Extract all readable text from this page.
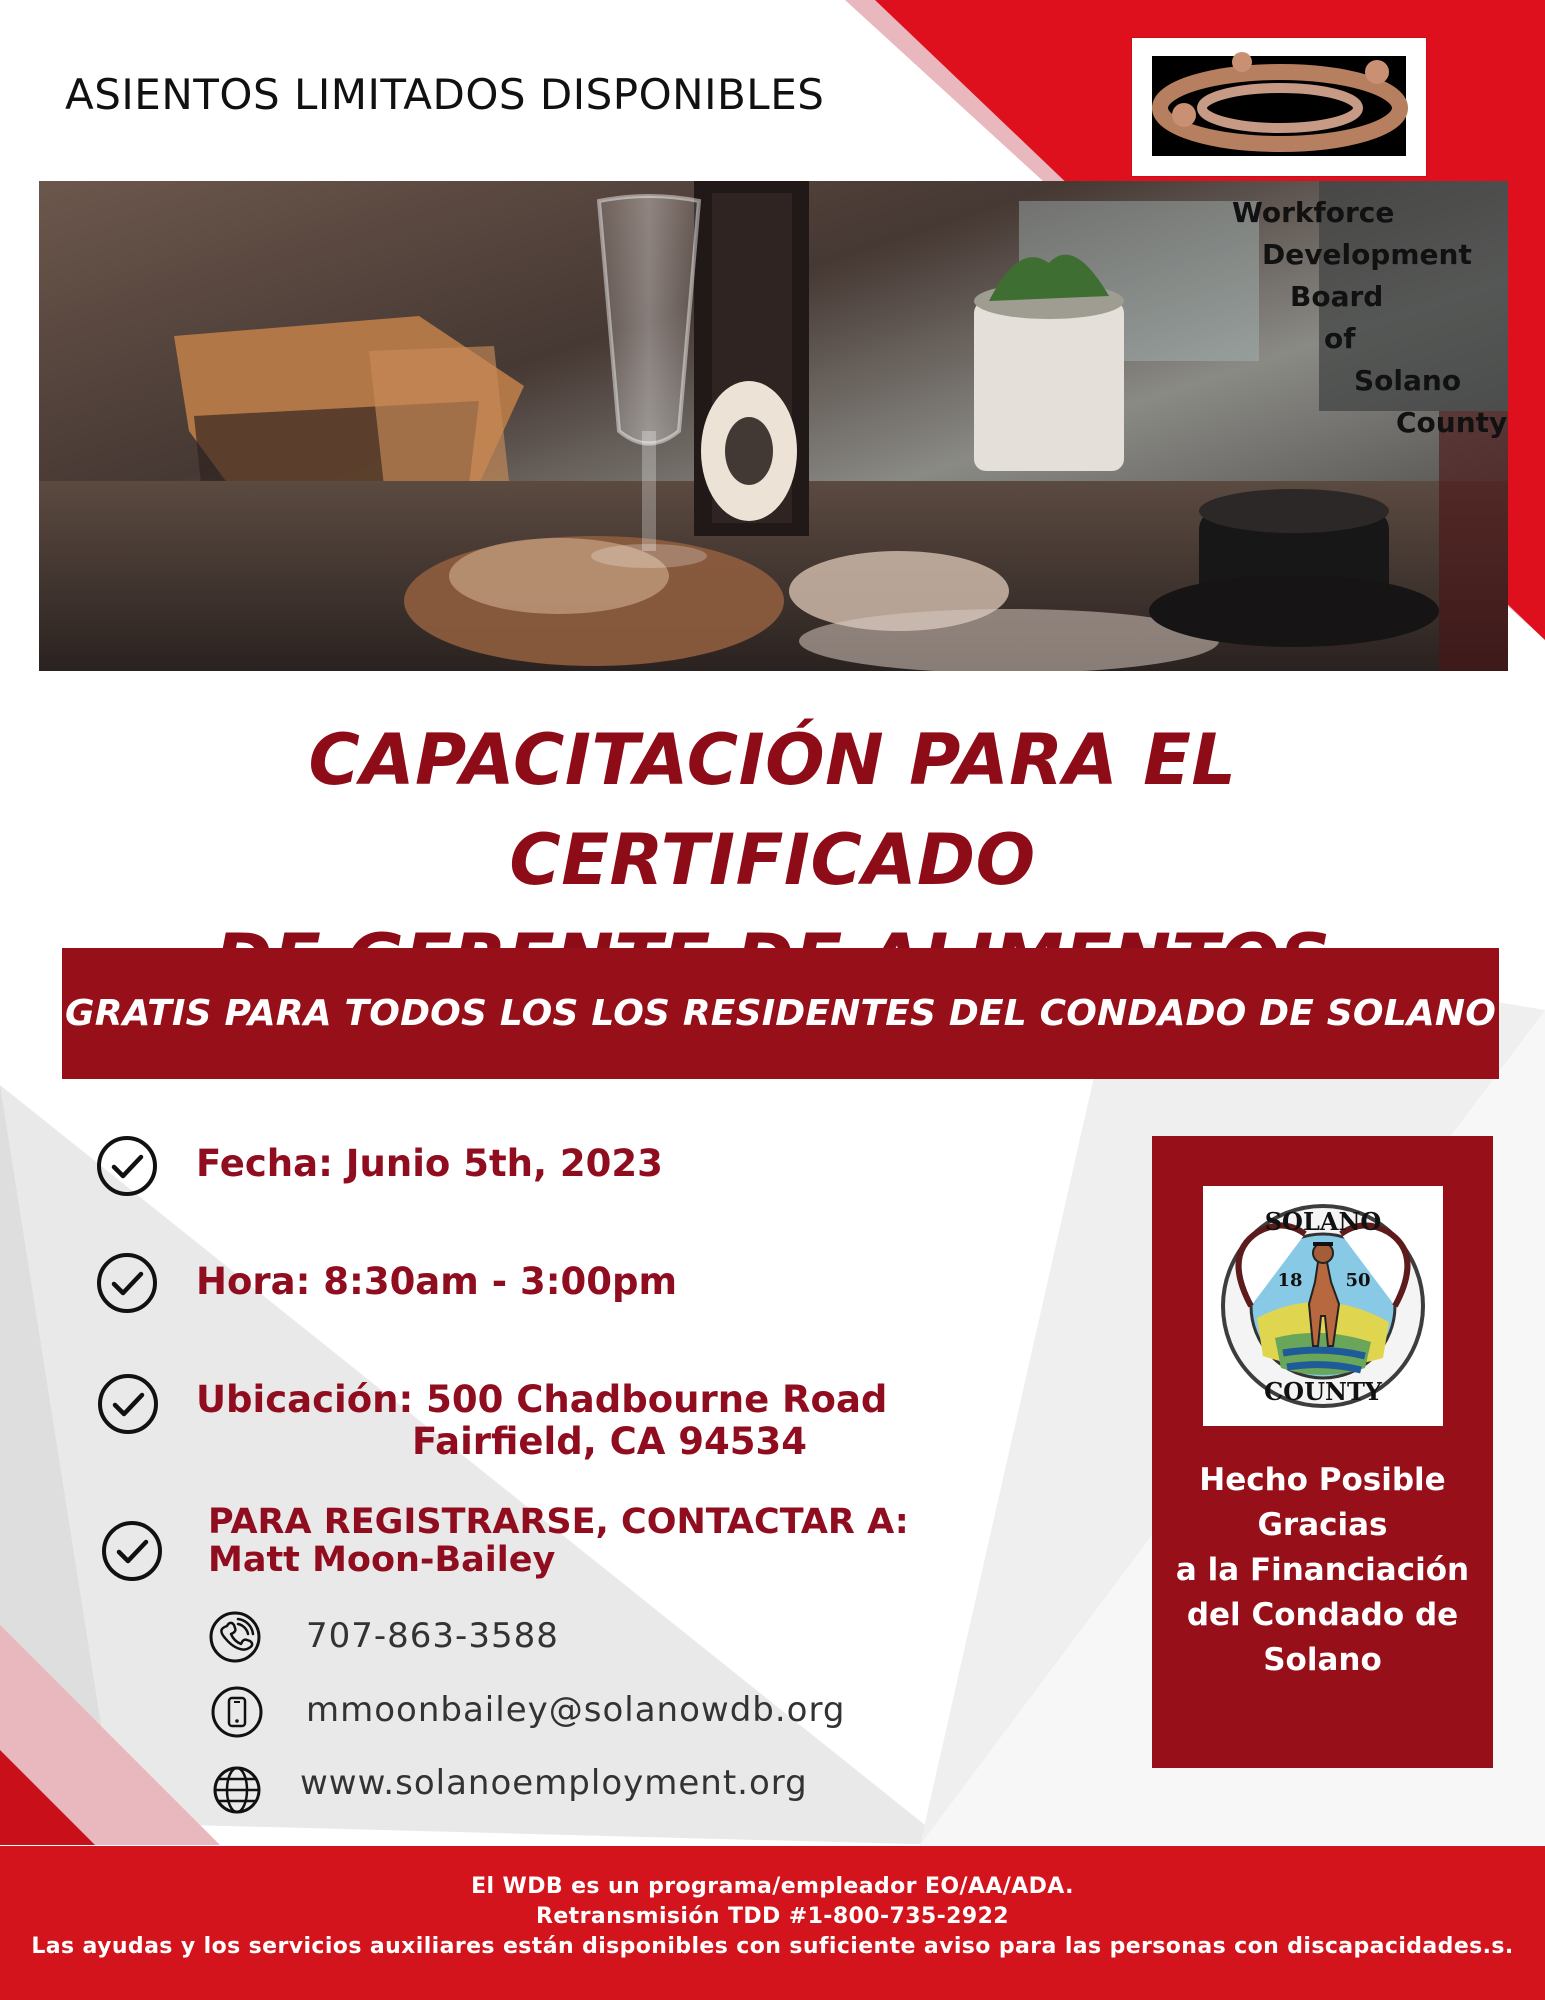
ASIENTOS LIMITADOS DISPONIBLES
Workforce
Development
Board
of
Solano
County
CAPACITACIÓN PARA EL CERTIFICADO
GRATIS PARA TODOS LOS LOS RESIDENTES DEL CONDADO DE SOLANO
Fecha: Junio 5th, 2023
Hora: 8:30am - 3:00pm
Ubicación: 500 Chadbourne Road
Fairfield, CA 94534
PARA REGISTRARSE, CONTACTAR A:
Matt Moon-Bailey
707-863-3588
mmoonbailey@solanowdb.org
www.solanoemployment.org
SOLANO
18 50
COUNTY
Hecho Posible
Gracias
a la Financiación
del Condado de
Solano
El WDB es un programa/empleador EO/AA/ADA.
Retransmisión TDD #1-800-735-2922
Las ayudas y los servicios auxiliares están disponibles con suficiente aviso para las personas con discapacidades.s.
